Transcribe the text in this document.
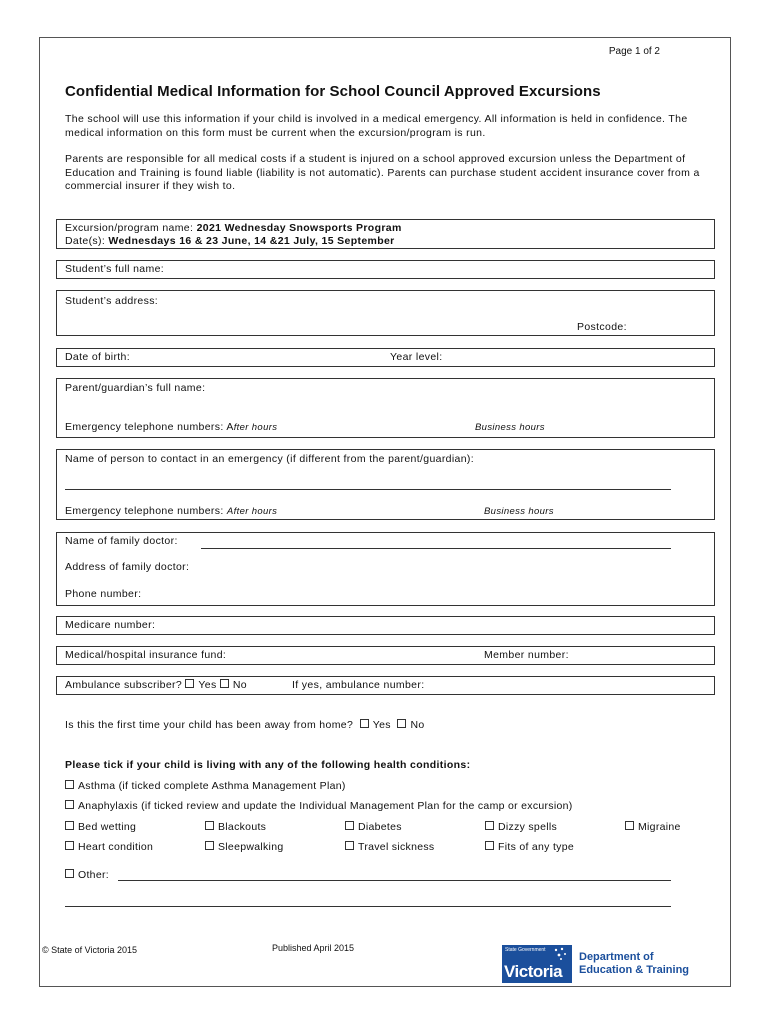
Page 1 of 2
Confidential Medical Information for School Council Approved Excursions
The school will use this information if your child is involved in a medical emergency. All information is held in confidence. The medical information on this form must be current when the excursion/program is run.
Parents are responsible for all medical costs if a student is injured on a school approved excursion unless the Department of Education and Training is found liable (liability is not automatic). Parents can purchase student accident insurance cover from a commercial insurer if they wish to.
Excursion/program name: 2021 Wednesday Snowsports Program
Date(s): Wednesdays 16 & 23 June, 14 &21 July, 15 September
Student’s full name:
Student’s address:
Postcode:
Date of birth:	Year level:
Parent/guardian’s full name:
Emergency telephone numbers: After hours	Business hours
Name of person to contact in an emergency (if different from the parent/guardian):
Emergency telephone numbers: After hours	Business hours
Name of family doctor:
Address of family doctor:
Phone number:
Medicare number:
Medical/hospital insurance fund:	Member number:
Ambulance subscriber? Yes No	If yes, ambulance number:
Is this the first time your child has been away from home? Yes No
Please tick if your child is living with any of the following health conditions:
Asthma (if ticked complete Asthma Management Plan)
Anaphylaxis (if ticked review and update the Individual Management Plan for the camp or excursion)
Bed wetting	Blackouts	Diabetes	Dizzy spells	Migraine
Heart condition	Sleepwalking	Travel sickness	Fits of any type
Other:
© State of Victoria 2015	Published April 2015	State Government
Victoria
Department of
Education & Training
